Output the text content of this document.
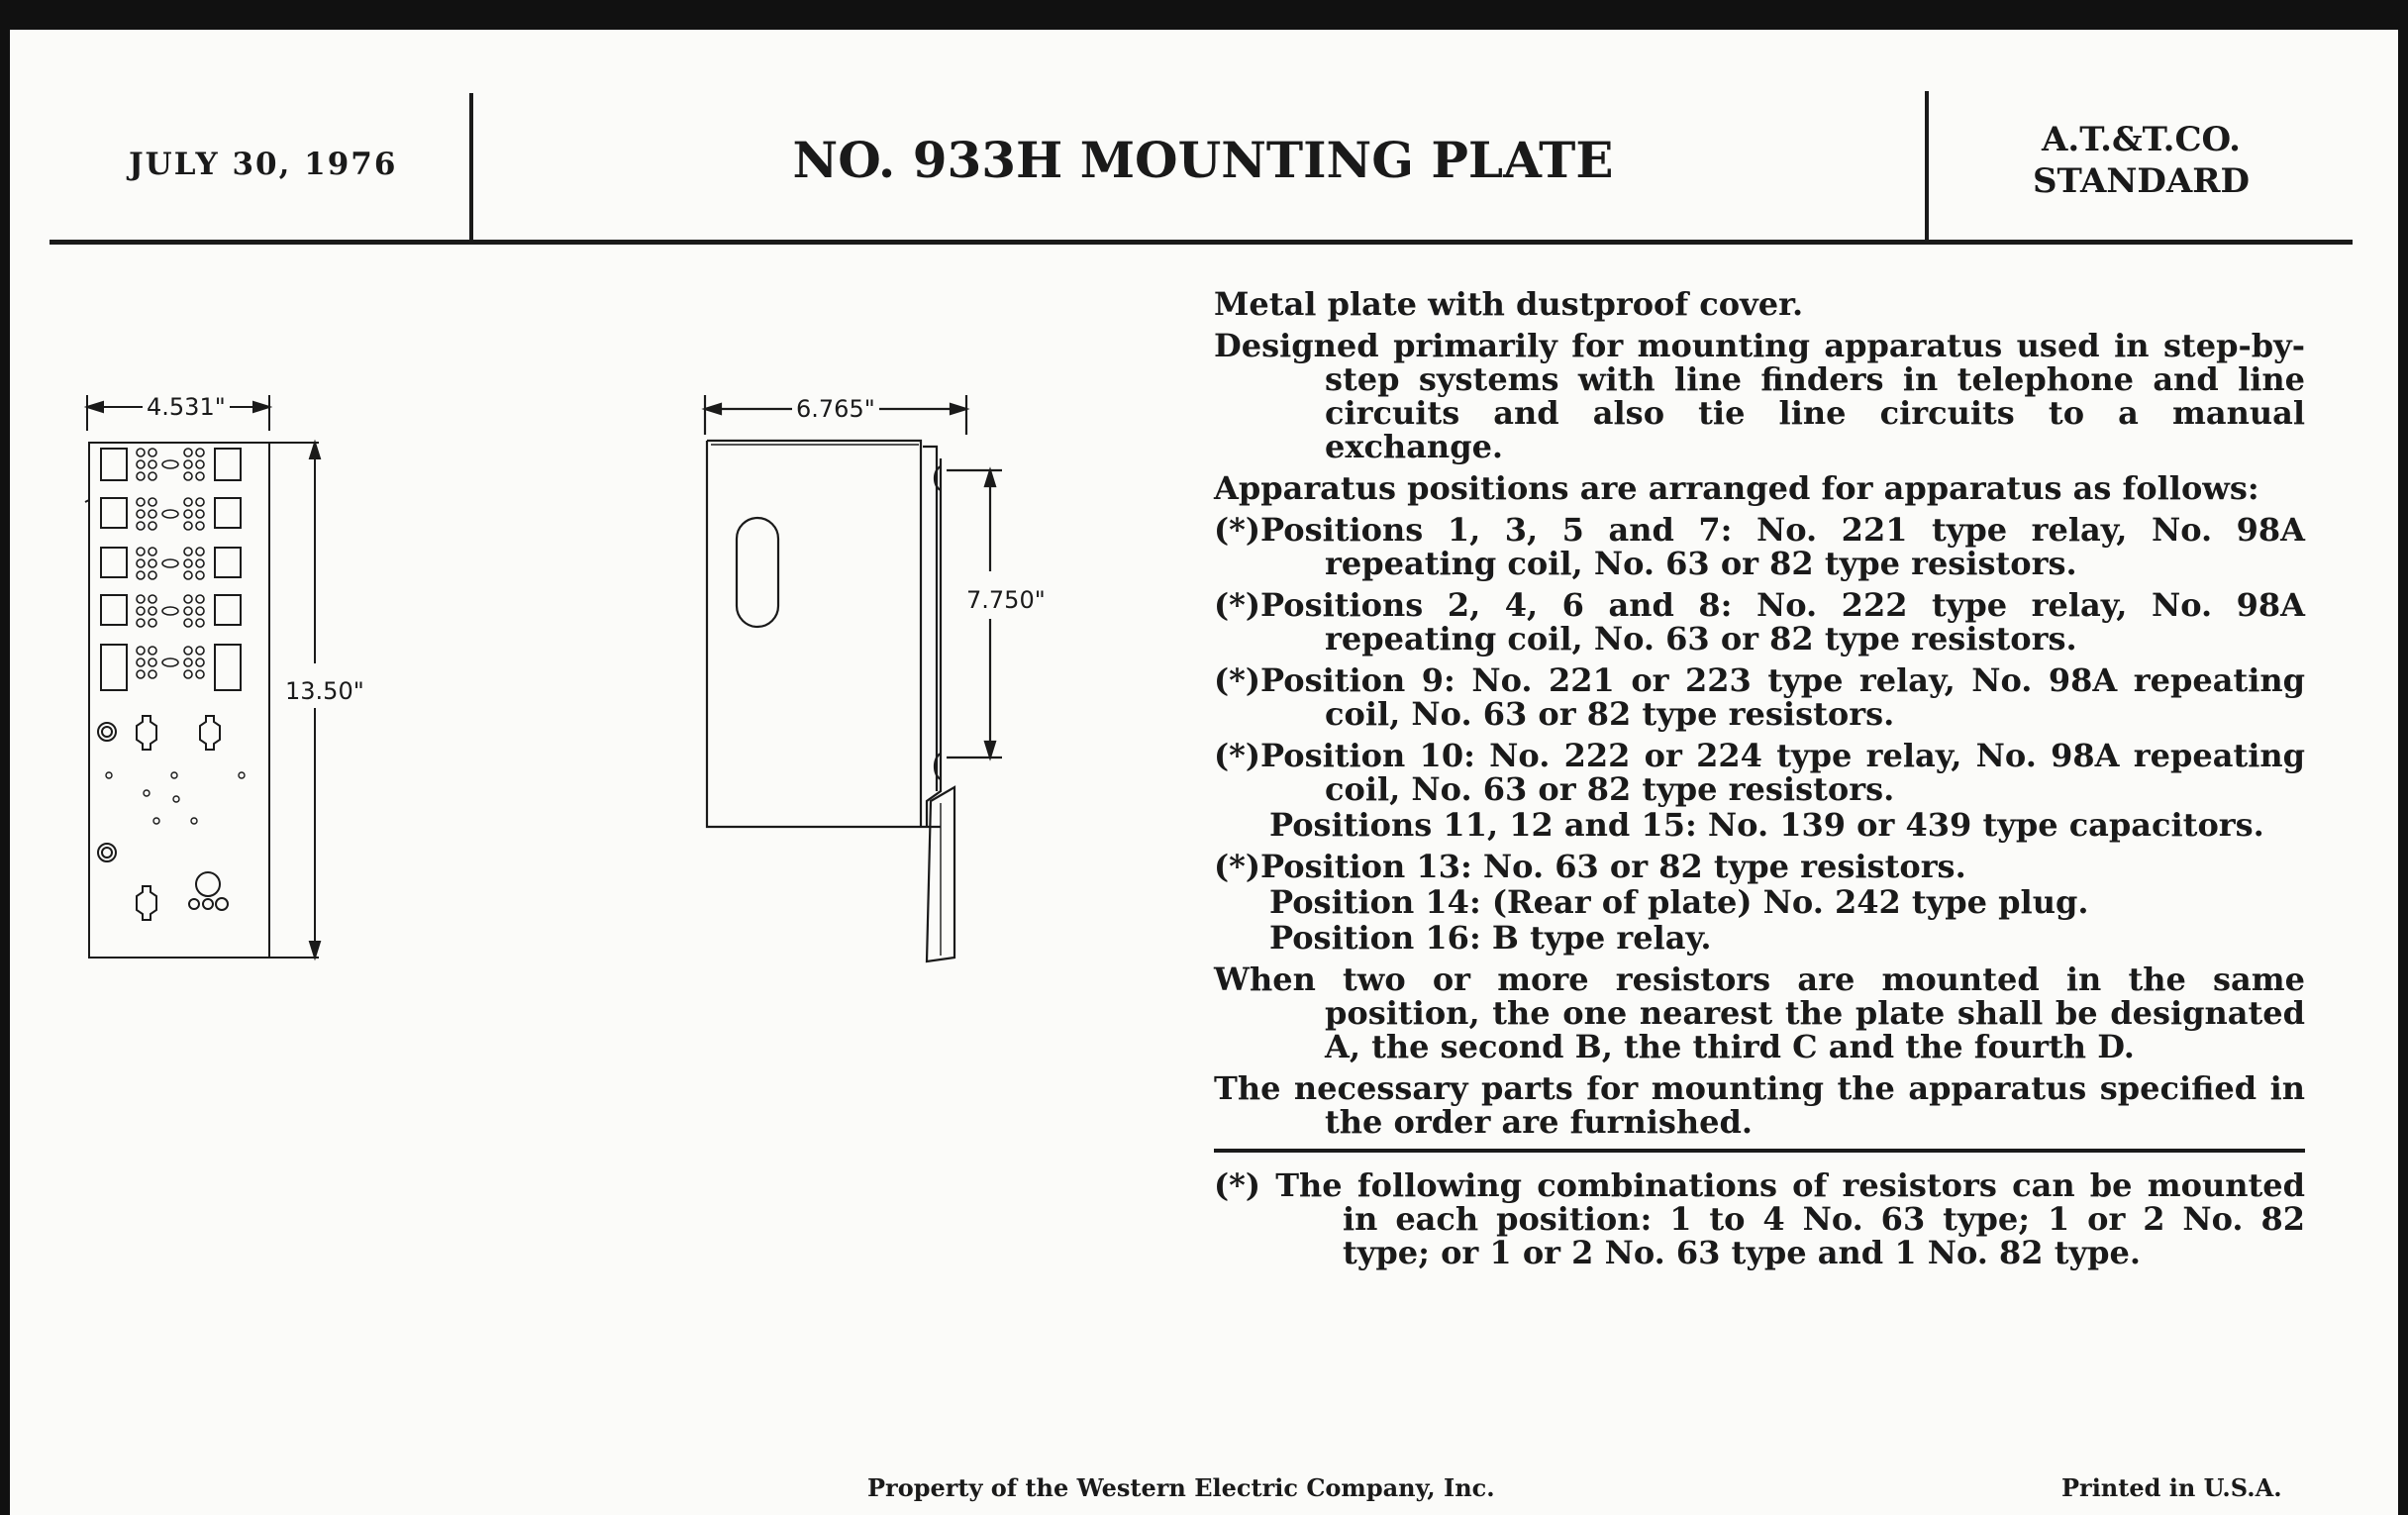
JULY 30, 1976	NO. 933H MOUNTING PLATE	A.T.&T.CO.
STANDARD
4.531"
13.50"
6.765"
7.750"

Metal plate with dustproof cover.

Designed primarily for mounting apparatus used in step-by-step systems with line finders in telephone and line circuits and also tie line circuits to a manual exchange.

Apparatus positions are arranged for apparatus as follows:

(*)Positions 1, 3, 5 and 7: No. 221 type relay, No. 98A repeating coil, No. 63 or 82 type resistors.

(*)Positions 2, 4, 6 and 8: No. 222 type relay, No. 98A repeating coil, No. 63 or 82 type resistors.

(*)Position 9: No. 221 or 223 type relay, No. 98A repeating coil, No. 63 or 82 type resistors.

(*)Position 10: No. 222 or 224 type relay, No. 98A repeating coil, No. 63 or 82 type resistors.

Positions 11, 12 and 15: No. 139 or 439 type capacitors.

(*)Position 13: No. 63 or 82 type resistors.

Position 14: (Rear of plate) No. 242 type plug.

Position 16: B type relay.

When two or more resistors are mounted in the same position, the one nearest the plate shall be designated A, the second B, the third C and the fourth D.

The necessary parts for mounting the apparatus specified in the order are furnished.

(*) The following combinations of resistors can be mounted in each position: 1 to 4 No. 63 type; 1 or 2 No. 82 type; or 1 or 2 No. 63 type and 1 No. 82 type.

Property of the Western Electric Company, Inc.	Printed in U.S.A.
